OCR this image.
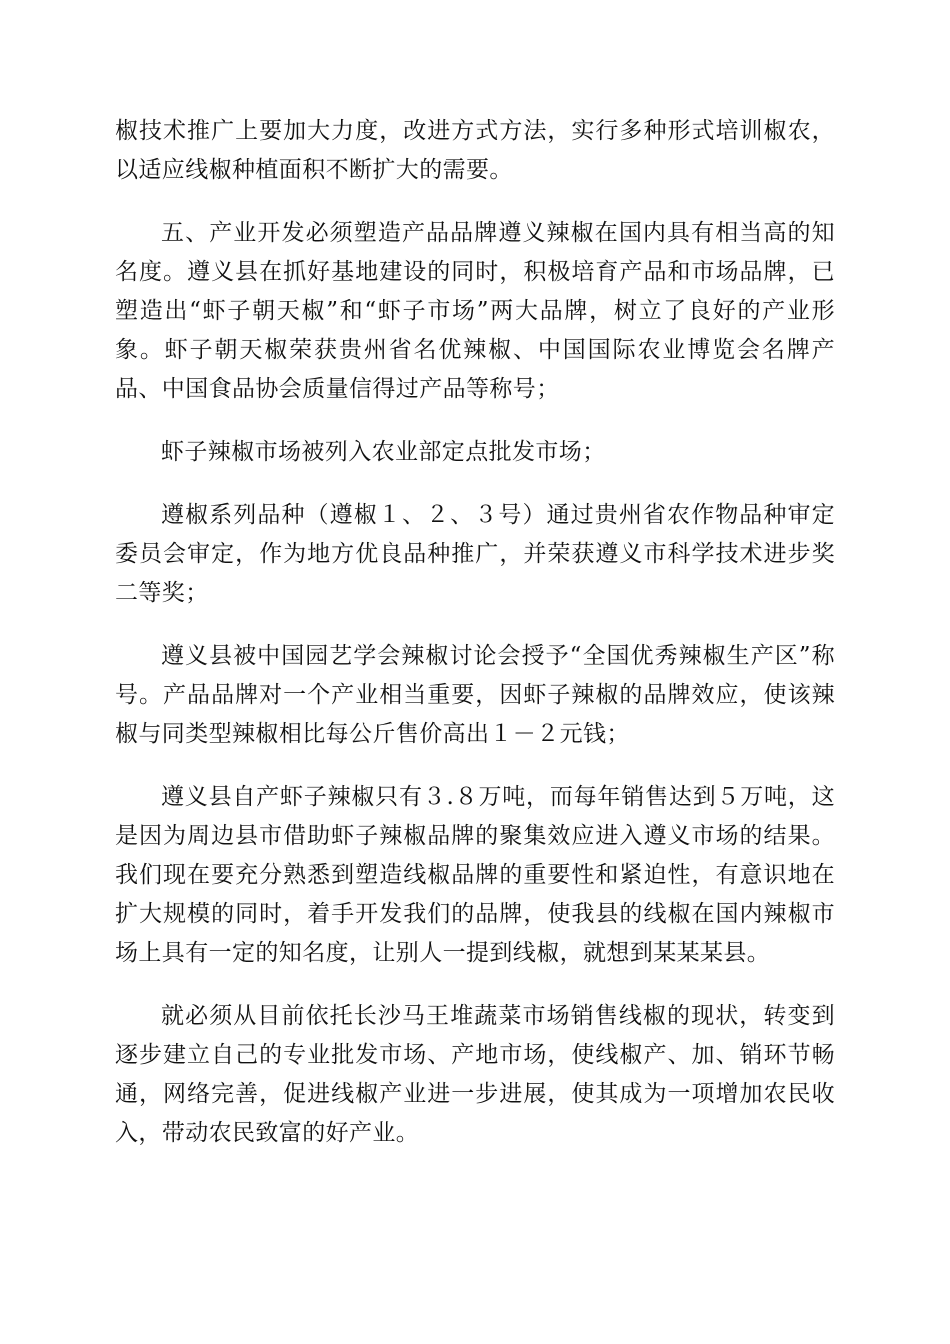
椒技术推广上要加大力度，改进方式方法，实行多种形式培训椒农，以适应线椒种植面积不断扩大的需要。

五、产业开发必须塑造产品品牌遵义辣椒在国内具有相当高的知名度。遵义县在抓好基地建设的同时，积极培育产品和市场品牌，已塑造出“虾子朝天椒”和“虾子市场”两大品牌，树立了良好的产业形象。虾子朝天椒荣获贵州省名优辣椒、中国国际农业博览会名牌产品、中国食品协会质量信得过产品等称号；

虾子辣椒市场被列入农业部定点批发市场；

遵椒系列品种（遵椒１、２、３号）通过贵州省农作物品种审定委员会审定，作为地方优良品种推广，并荣获遵义市科学技术进步奖二等奖；

遵义县被中国园艺学会辣椒讨论会授予“全国优秀辣椒生产区”称号。产品品牌对一个产业相当重要，因虾子辣椒的品牌效应，使该辣椒与同类型辣椒相比每公斤售价高出１－２元钱；

遵义县自产虾子辣椒只有３.８万吨，而每年销售达到５万吨，这是因为周边县市借助虾子辣椒品牌的聚集效应进入遵义市场的结果。我们现在要充分熟悉到塑造线椒品牌的重要性和紧迫性，有意识地在扩大规模的同时，着手开发我们的品牌，使我县的线椒在国内辣椒市场上具有一定的知名度，让别人一提到线椒，就想到某某某县。

就必须从目前依托长沙马王堆蔬菜市场销售线椒的现状，转变到逐步建立自己的专业批发市场、产地市场，使线椒产、加、销环节畅通，网络完善，促进线椒产业进一步进展，使其成为一项增加农民收入，带动农民致富的好产业。
